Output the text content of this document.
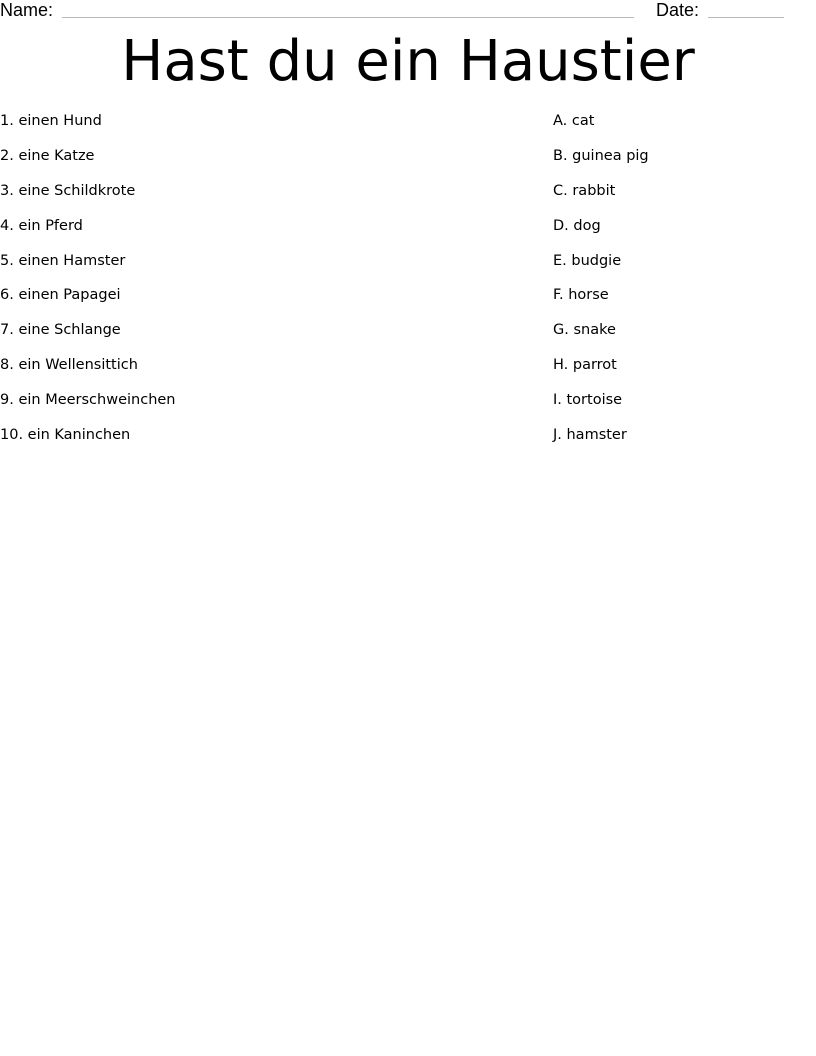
Name:	Date:
Hast du ein Haustier
1. einen Hund
2. eine Katze
3. eine Schildkrote
4. ein Pferd
5. einen Hamster
6. einen Papagei
7. eine Schlange
8. ein Wellensittich
9. ein Meerschweinchen
10. ein Kaninchen
A. cat
B. guinea pig
C. rabbit
D. dog
E. budgie
F. horse
G. snake
H. parrot
I. tortoise
J. hamster
